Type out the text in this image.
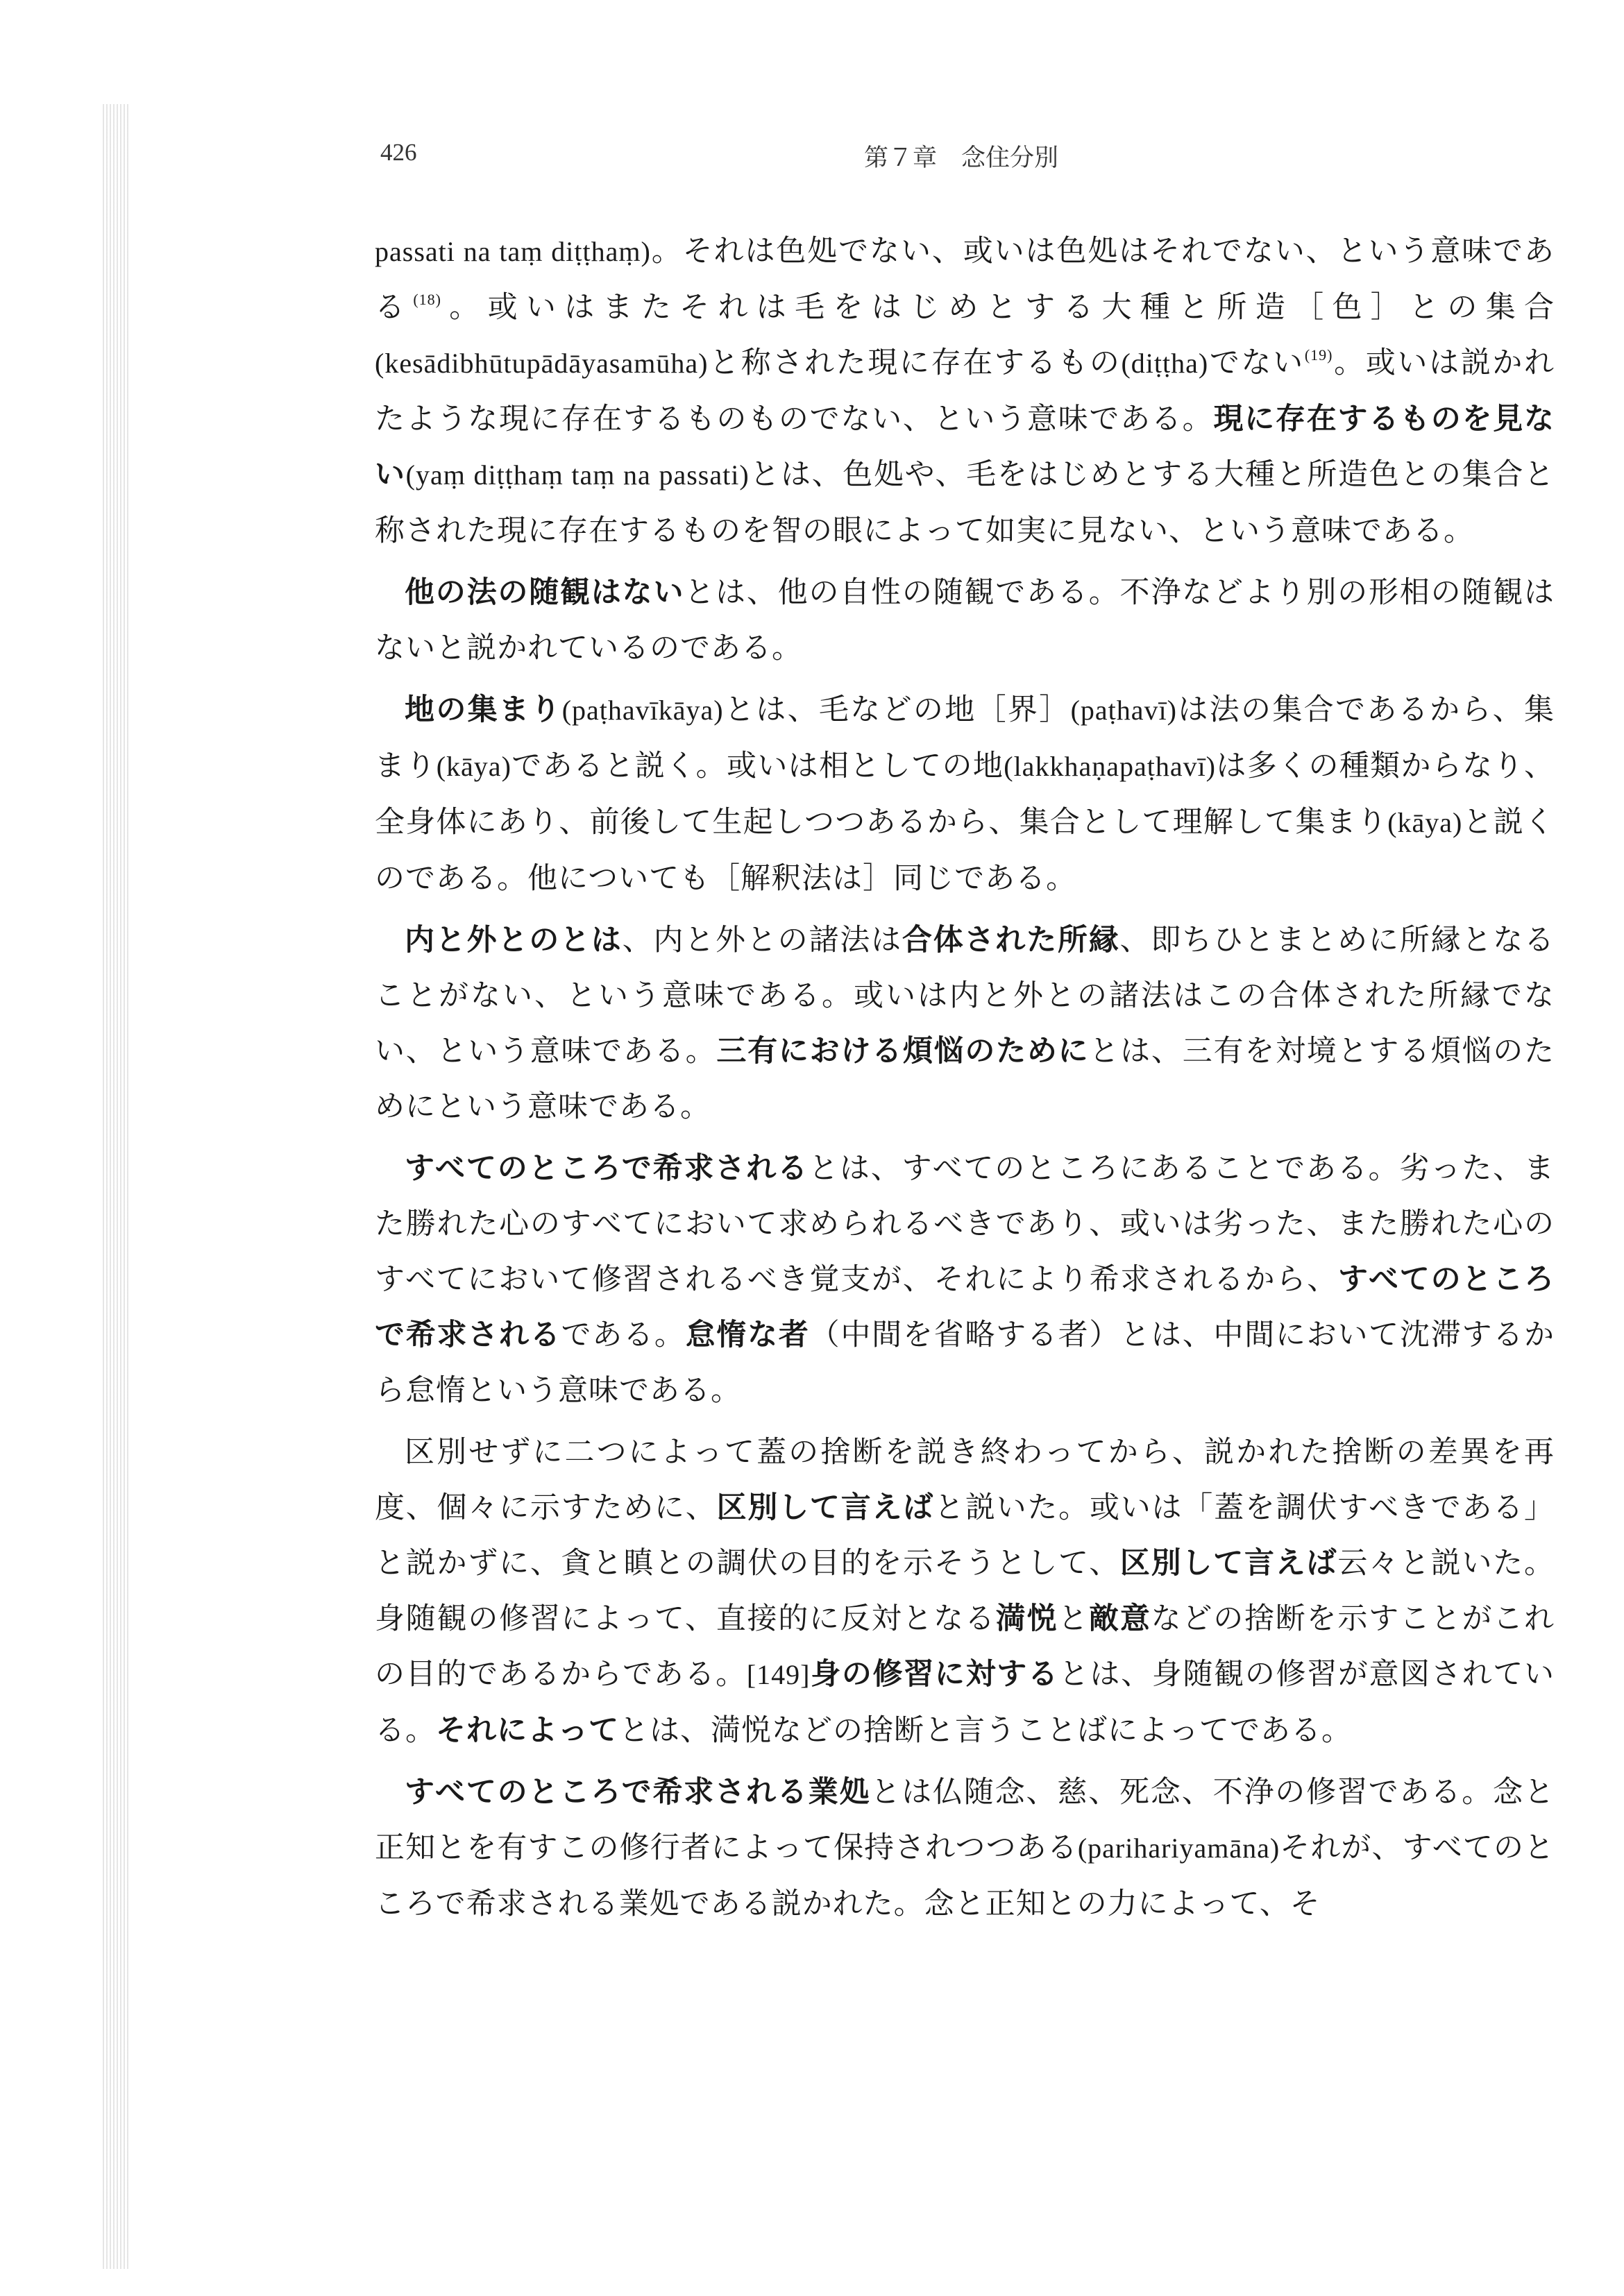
426	第７章　念住分別

passati na taṃ diṭṭhaṃ)。それは色処でない、或いは色処はそれでない、という意味である$^{(18)}$。或いはまたそれは毛をはじめとする大種と所造［色］との集合(kesādibhūtupādāyasamūha)と称された現に存在するもの(diṭṭha)でない$^{(19)}$。或いは説かれたような現に存在するものものでない、という意味である。現に存在するものを見ない(yaṃ diṭṭhaṃ taṃ na passati)とは、色処や、毛をはじめとする大種と所造色との集合と称された現に存在するものを智の眼によって如実に見ない、という意味である。

他の法の随観はないとは、他の自性の随観である。不浄などより別の形相の随観はないと説かれているのである。

地の集まり(paṭhavīkāya)とは、毛などの地［界］(paṭhavī)は法の集合であるから、集まり(kāya)であると説く。或いは相としての地(lakkhaṇapaṭhavī)は多くの種類からなり、全身体にあり、前後して生起しつつあるから、集合として理解して集まり(kāya)と説くのである。他についても［解釈法は］同じである。

内と外とのとは、内と外との諸法は合体された所縁、即ちひとまとめに所縁となることがない、という意味である。或いは内と外との諸法はこの合体された所縁でない、という意味である。三有における煩悩のためにとは、三有を対境とする煩悩のためにという意味である。

すべてのところで希求されるとは、すべてのところにあることである。劣った、また勝れた心のすべてにおいて求められるべきであり、或いは劣った、また勝れた心のすべてにおいて修習されるべき覚支が、それにより希求されるから、すべてのところで希求されるである。怠惰な者（中間を省略する者）とは、中間において沈滞するから怠惰という意味である。

区別せずに二つによって蓋の捨断を説き終わってから、説かれた捨断の差異を再度、個々に示すために、区別して言えばと説いた。或いは「蓋を調伏すべきである」と説かずに、貪と瞋との調伏の目的を示そうとして、区別して言えば云々と説いた。身随観の修習によって、直接的に反対となる満悦と敵意などの捨断を示すことがこれの目的であるからである。[149]身の修習に対するとは、身随観の修習が意図されている。それによってとは、満悦などの捨断と言うことばによってである。

すべてのところで希求される業処とは仏随念、慈、死念、不浄の修習である。念と正知とを有すこの修行者によって保持されつつある(parihariyamāna)それが、すべてのところで希求される業処である説かれた。念と正知との力によって、そ
